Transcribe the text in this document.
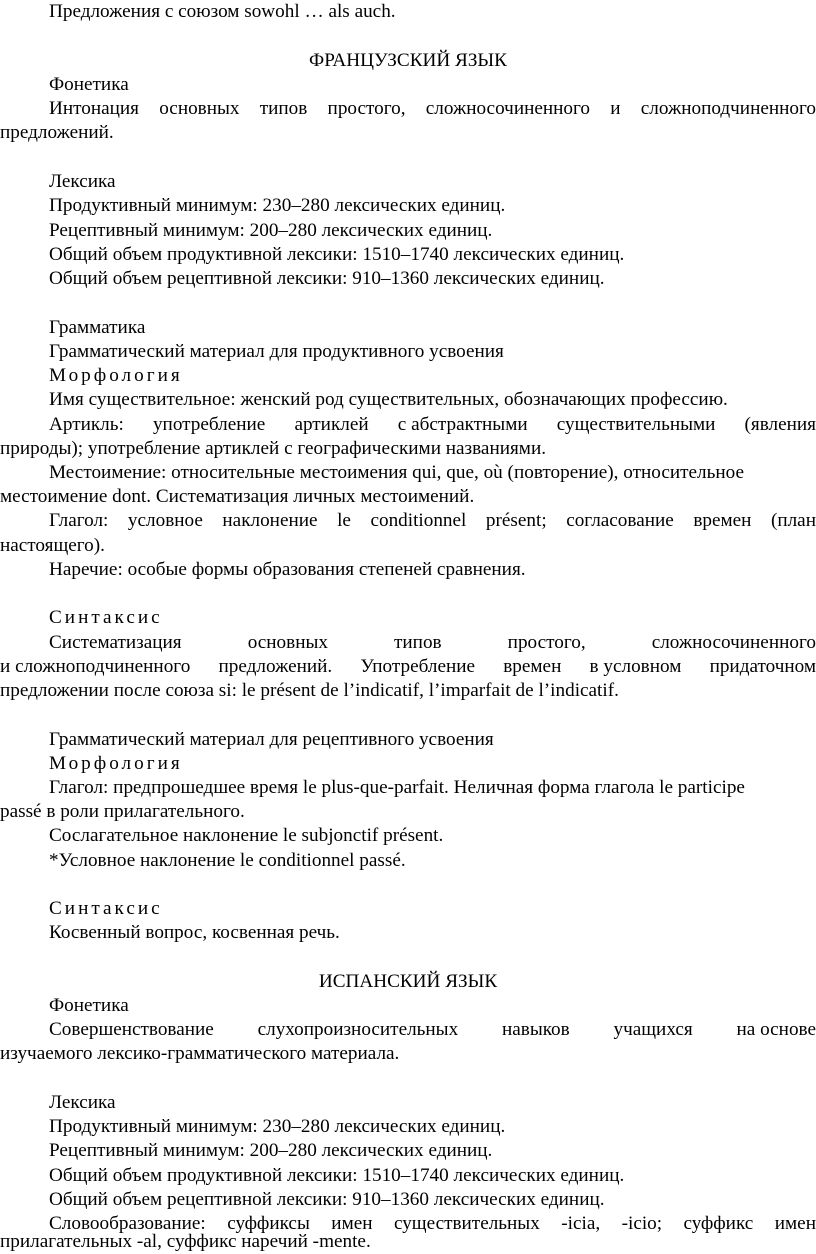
Предложения с союзом sowohl … als auch.
ФРАНЦУЗСКИЙ ЯЗЫК
Фонетика
Интонация основных типов простого, сложносочиненного и сложноподчиненного
предложений.
Лексика
Продуктивный минимум: 230–280 лексических единиц.
Рецептивный минимум: 200–280 лексических единиц.
Общий объем продуктивной лексики: 1510–1740 лексических единиц.
Общий объем рецептивной лексики: 910–1360 лексических единиц.
Грамматика
Грамматический материал для продуктивного усвоения
Морфология
Имя существительное: женский род существительных, обозначающих профессию.
Артикль: употребление артиклей с абстрактными существительными (явления
природы); употребление артиклей с географическими названиями.
Местоимение: относительные местоимения qui, que, où (повторение), относительное
местоимение dont. Систематизация личных местоимений.
Глагол: условное наклонение le conditionnel présent; согласование времен (план
настоящего).
Наречие: особые формы образования степеней сравнения.
Синтаксис
Систематизация	основных	типов	простого,	сложносочиненного
и сложноподчиненного предложений. Употребление времен в условном придаточном
предложении после союза si: le présent de l’indicatif, l’imparfait de l’indicatif.
Грамматический материал для рецептивного усвоения
Морфология
Глагол: предпрошедшее время le plus-que-parfait. Неличная форма глагола le participe
passé в роли прилагательного.
Сослагательное наклонение le subjonctif présent.
*Условное наклонение le conditionnel passé.
Синтаксис
Косвенный вопрос, косвенная речь.
ИСПАНСКИЙ ЯЗЫК
Фонетика
Совершенствование слухопроизносительных навыков учащихся на основе
изучаемого лексико-грамматического материала.
Лексика
Продуктивный минимум: 230–280 лексических единиц.
Рецептивный минимум: 200–280 лексических единиц.
Общий объем продуктивной лексики: 1510–1740 лексических единиц.
Общий объем рецептивной лексики: 910–1360 лексических единиц.
Словообразование: суффиксы имен существительных -icia, -icio; суффикс имен
прилагательных -al, суффикс наречий -mente.
